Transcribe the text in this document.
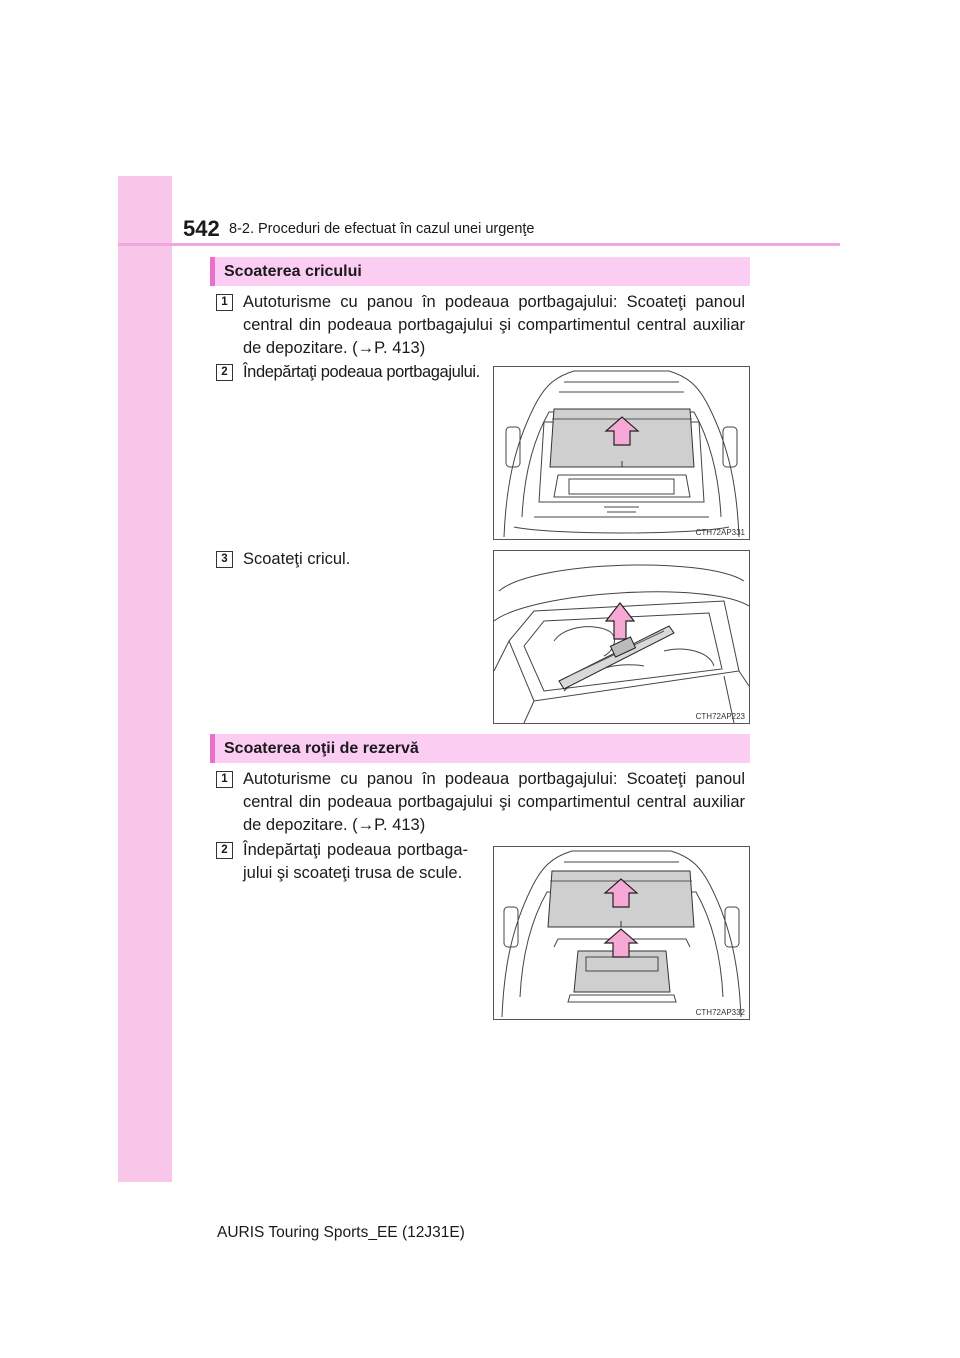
542 8-2. Proceduri de efectuat în cazul unei urgenţe
Scoaterea cricului
1 Autoturisme cu panou în podeaua portbagajului: Scoateţi panoul central din podeaua portbagajului şi compartimentul central auxiliar de depozitare. (→P. 413)
2 Îndepărtaţi podeaua portbagajului.
CTH72AP331
3 Scoateţi cricul.
CTH72AP223
Scoaterea roţii de rezervă
1 Autoturisme cu panou în podeaua portbagajului: Scoateţi panoul central din podeaua portbagajului şi compartimentul central auxiliar de depozitare. (→P. 413)
2 Îndepărtaţi podeaua portbaga- jului şi scoateţi trusa de scule.
CTH72AP332
AURIS Touring Sports_EE (12J31E)
